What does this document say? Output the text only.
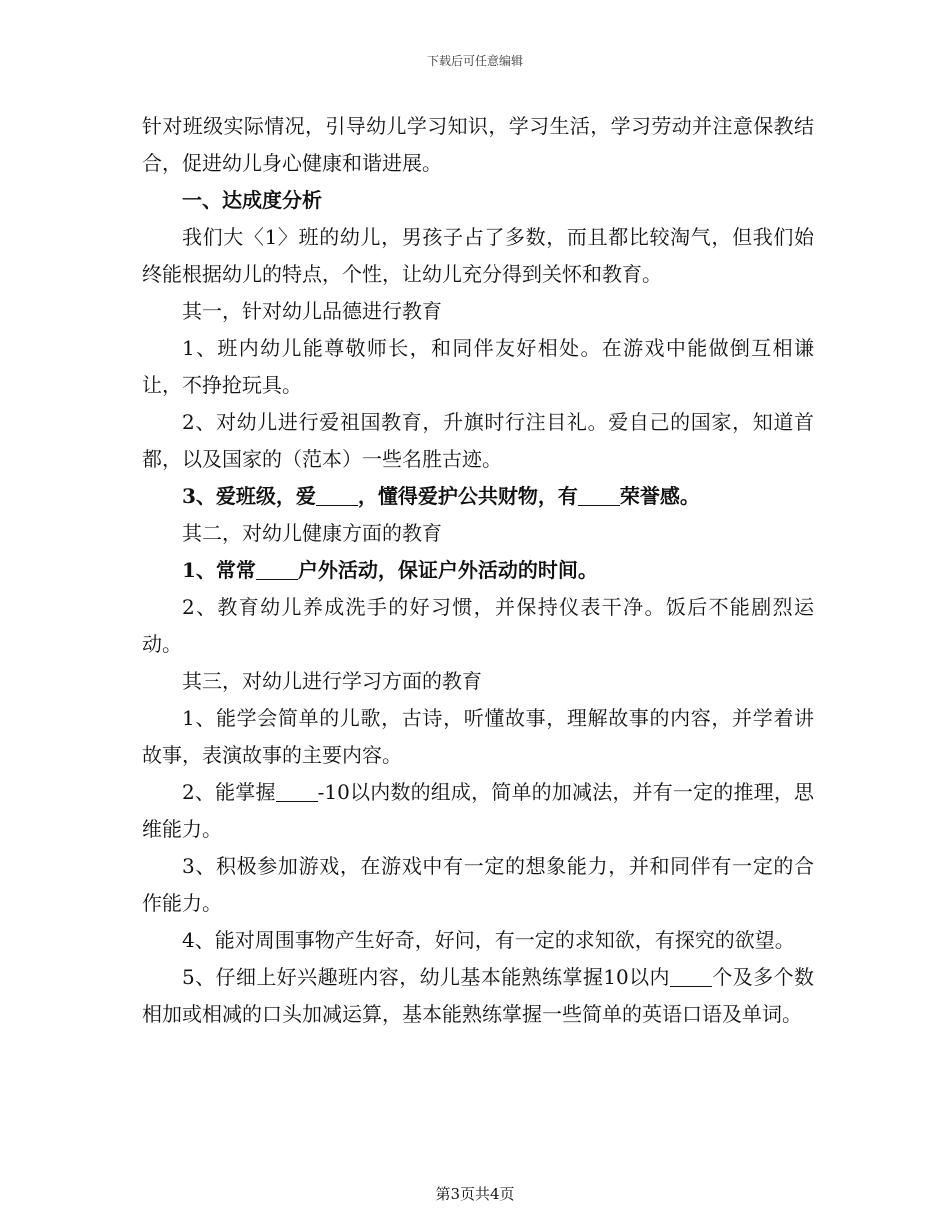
下载后可任意编辑

针对班级实际情况，引导幼儿学习知识，学习生活，学习劳动并注意保教结合，促进幼儿身心健康和谐进展。

一、达成度分析

我们大〈1〉班的幼儿，男孩子占了多数，而且都比较淘气，但我们始终能根据幼儿的特点，个性，让幼儿充分得到关怀和教育。

其一，针对幼儿品德进行教育

1、班内幼儿能尊敬师长，和同伴友好相处。在游戏中能做倒互相谦让，不挣抢玩具。

2、对幼儿进行爱祖国教育，升旗时行注目礼。爱自己的国家，知道首都，以及国家的（范本）一些名胜古迹。

3、爱班级，爱 ，懂得爱护公共财物，有 荣誉感。

其二，对幼儿健康方面的教育

1、常常 户外活动，保证户外活动的时间。

2、教育幼儿养成洗手的好习惯，并保持仪表干净。饭后不能剧烈运动。

其三，对幼儿进行学习方面的教育

1、能学会简单的儿歌，古诗，听懂故事，理解故事的内容，并学着讲故事，表演故事的主要内容。

2、能掌握 -10以内数的组成，简单的加减法，并有一定的推理，思维能力。

3、积极参加游戏，在游戏中有一定的想象能力，并和同伴有一定的合作能力。

4、能对周围事物产生好奇，好问，有一定的求知欲，有探究的欲望。

5、仔细上好兴趣班内容，幼儿基本能熟练掌握10以内 个及多个数相加或相减的口头加减运算，基本能熟练掌握一些简单的英语口语及单词。

第3页共4页
